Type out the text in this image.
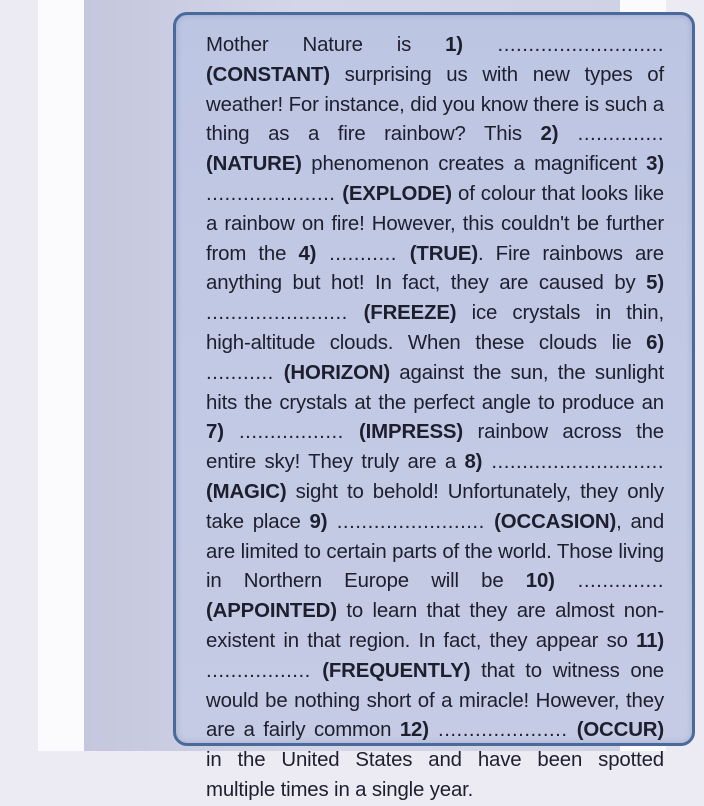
Mother Nature is 1) ........................... (CONSTANT) surprising us with new types of weather! For instance, did you know there is such a thing as a fire rainbow? This 2) .............. (NATURE) phenomenon creates a magnificent 3) ..................... (EXPLODE) of colour that looks like a rainbow on fire! However, this couldn't be further from the 4) ........... (TRUE). Fire rainbows are anything but hot! In fact, they are caused by 5) ....................... (FREEZE) ice crystals in thin, high-altitude clouds. When these clouds lie 6) ........... (HORIZON) against the sun, the sunlight hits the crystals at the perfect angle to produce an 7) ................. (IMPRESS) rainbow across the entire sky! They truly are a 8) ............................ (MAGIC) sight to behold! Unfortunately, they only take place 9) ........................ (OCCASION), and are limited to certain parts of the world. Those living in Northern Europe will be 10) .............. (APPOINTED) to learn that they are almost non-existent in that region. In fact, they appear so 11) ................. (FREQUENTLY) that to witness one would be nothing short of a miracle! However, they are a fairly common 12) ..................... (OCCUR) in the United States and have been spotted multiple times in a single year.
